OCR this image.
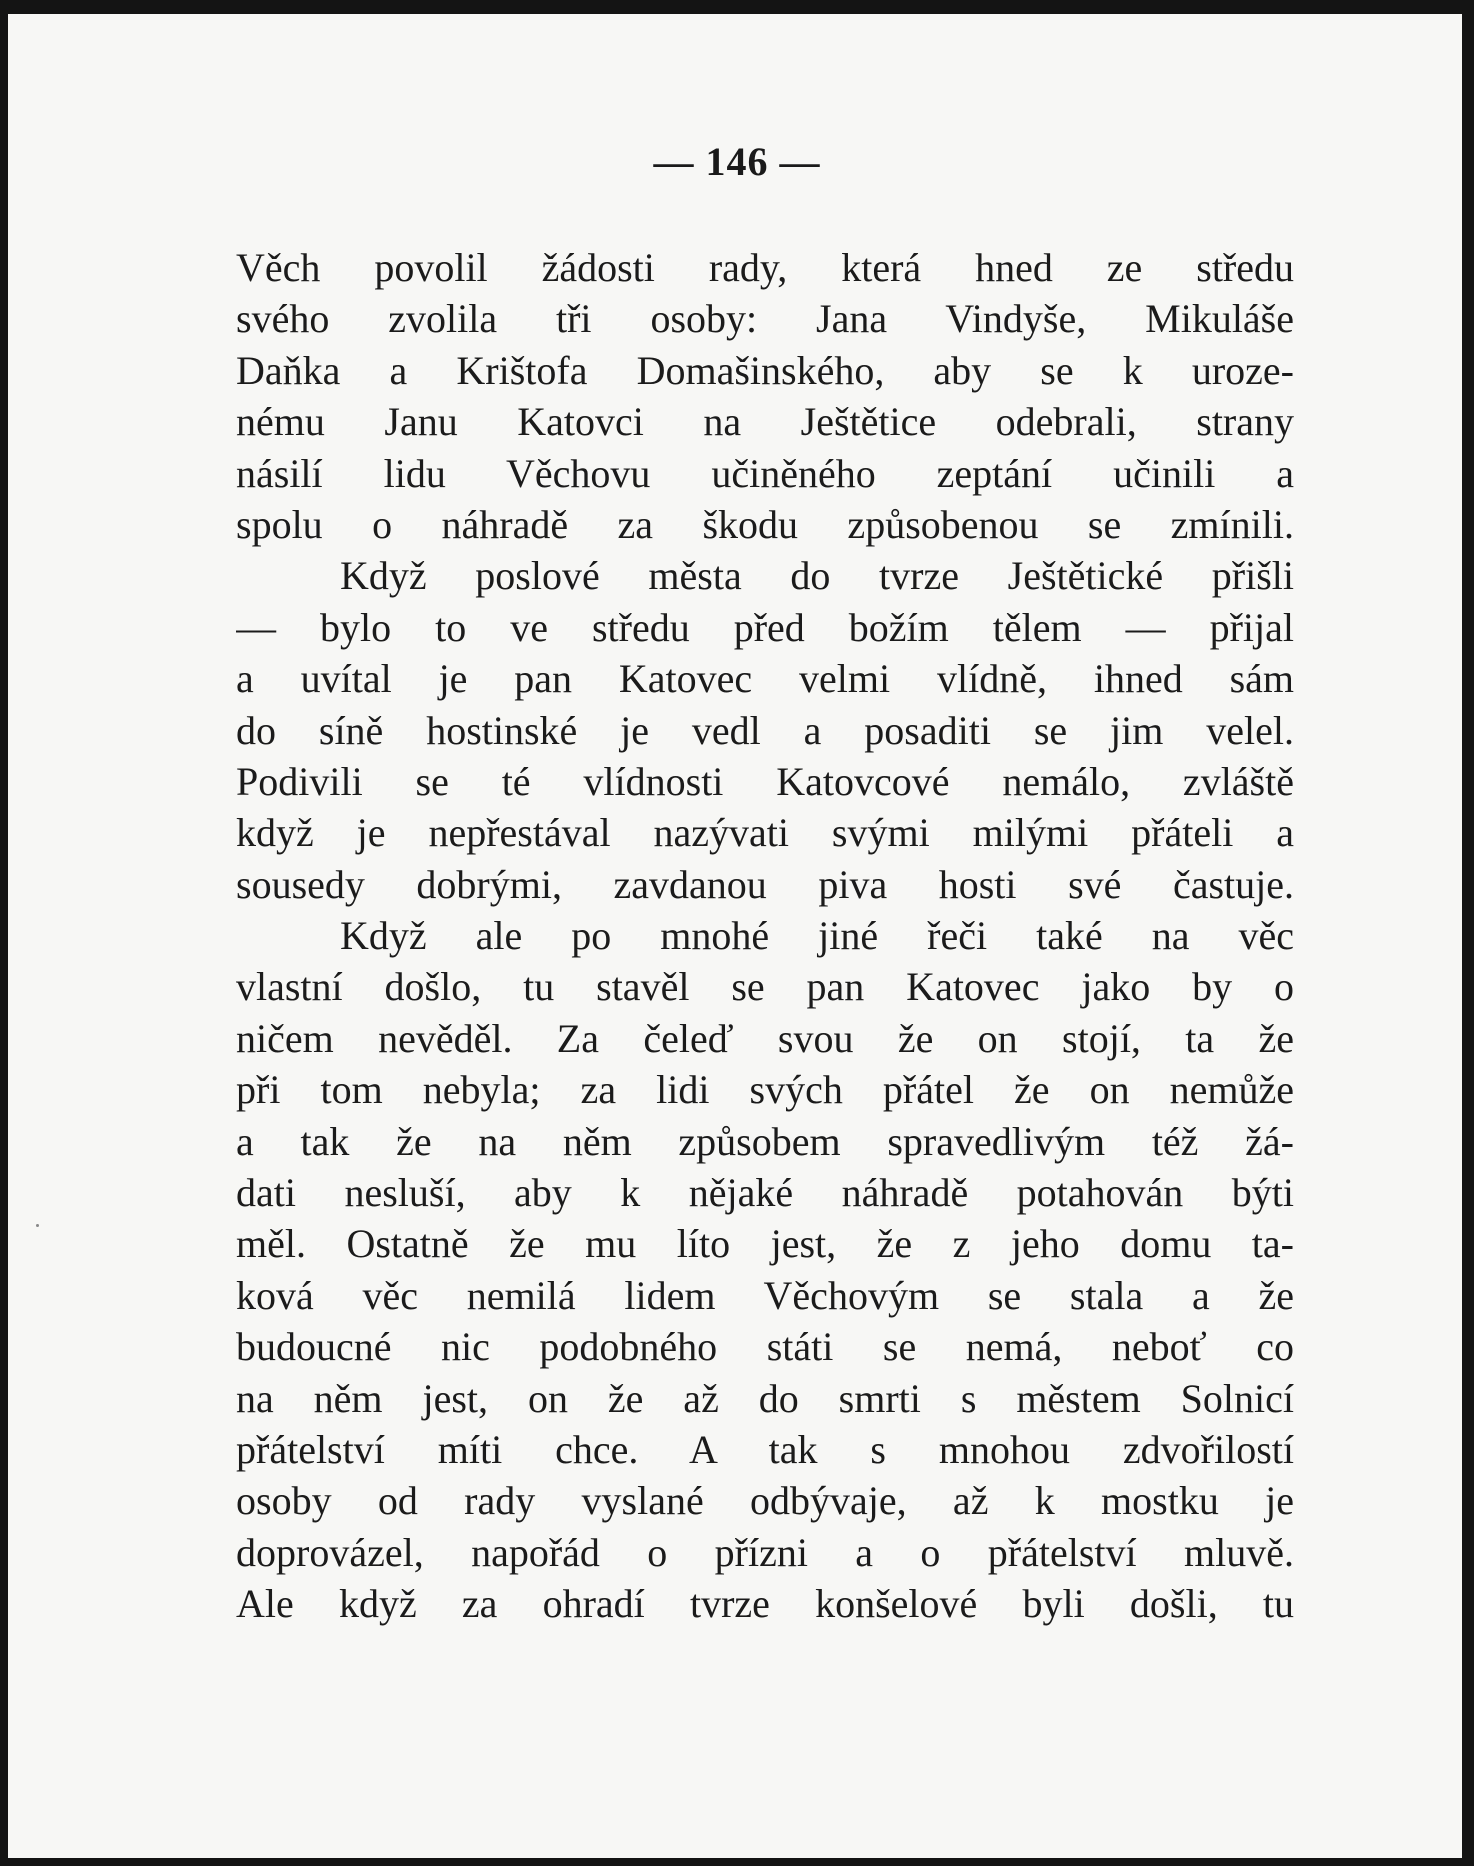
— 146 —
Věch povolil žádosti rady, která hned ze středu
svého zvolila tři osoby: Jana Vindyše, Mikuláše
Daňka a Krištofa Domašinského, aby se k uroze-
nému Janu Katovci na Ještětice odebrali, strany
násilí lidu Věchovu učiněného zeptání učinili a
spolu o náhradě za škodu způsobenou se zmínili.
Když poslové města do tvrze Ještětické přišli
— bylo to ve středu před božím tělem — přijal
a uvítal je pan Katovec velmi vlídně, ihned sám
do síně hostinské je vedl a posaditi se jim velel.
Podivili se té vlídnosti Katovcové nemálo, zvláště
když je nepřestával nazývati svými milými přáteli a
sousedy dobrými, zavdanou piva hosti své častuje.
Když ale po mnohé jiné řeči také na věc
vlastní došlo, tu stavěl se pan Katovec jako by o
ničem nevěděl. Za čeleď svou že on stojí, ta že
při tom nebyla; za lidi svých přátel že on nemůže
a tak že na něm způsobem spravedlivým též žá-
dati nesluší, aby k nějaké náhradě potahován býti
měl. Ostatně že mu líto jest, že z jeho domu ta-
ková věc nemilá lidem Věchovým se stala a že
budoucné nic podobného státi se nemá, neboť co
na něm jest, on že až do smrti s městem Solnicí
přátelství míti chce. A tak s mnohou zdvořilostí
osoby od rady vyslané odbývaje, až k mostku je
doprovázel, napořád o přízni a o přátelství mluvě.
Ale když za ohradí tvrze konšelové byli došli, tu
